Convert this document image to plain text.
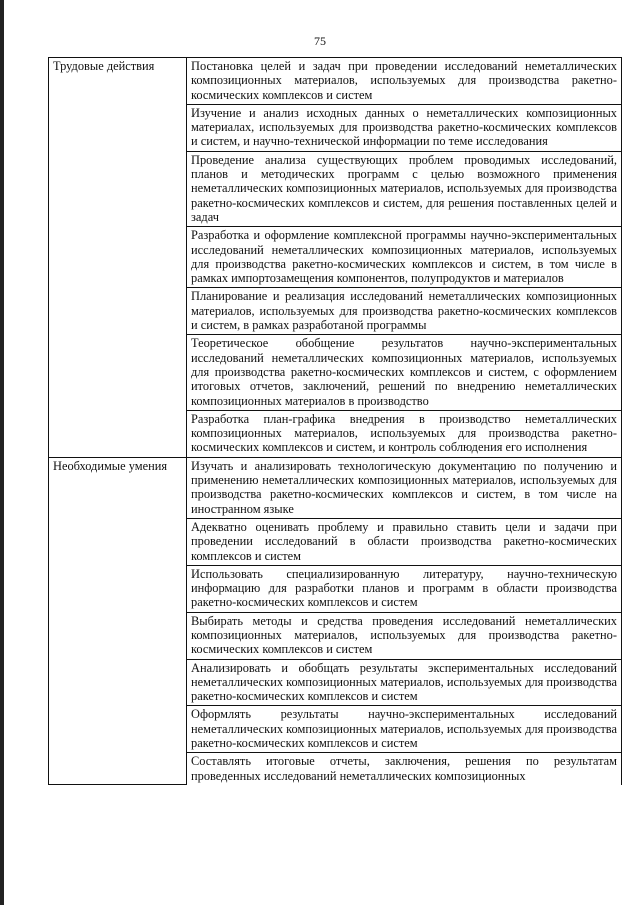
75
Трудовые действия	Постановка целей и задач при проведении исследований неметаллических композиционных материалов, используемых для производства ракетно-космических комплексов и систем
	Изучение и анализ исходных данных о неметаллических композиционных материалах, используемых для производства ракетно-космических комплексов и систем, и научно-технической информации по теме исследования
	Проведение анализа существующих проблем проводимых исследований, планов и методических программ с целью возможного применения неметаллических композиционных материалов, используемых для производства ракетно-космических комплексов и систем, для решения поставленных целей и задач
	Разработка и оформление комплексной программы научно-экспериментальных исследований неметаллических композиционных материалов, используемых для производства ракетно-космических комплексов и систем, в том числе в рамках импортозамещения компонентов, полупродуктов и материалов
	Планирование и реализация исследований неметаллических композиционных материалов, используемых для производства ракетно-космических комплексов и систем, в рамках разработаной программы
	Теоретическое обобщение результатов научно-экспериментальных исследований неметаллических композиционных материалов, используемых для производства ракетно-космических комплексов и систем, с оформлением итоговых отчетов, заключений, решений по внедрению неметаллических композиционных материалов в производство
	Разработка план-графика внедрения в производство неметаллических композиционных материалов, используемых для производства ракетно-космических комплексов и систем, и контроль соблюдения его исполнения
Необходимые умения	Изучать и анализировать технологическую документацию по получению и применению неметаллических композиционных материалов, используемых для производства ракетно-космических комплексов и систем, в том числе на иностранном языке
	Адекватно оценивать проблему и правильно ставить цели и задачи при проведении исследований в области производства ракетно-космических комплексов и систем
	Использовать специализированную литературу, научно-техническую информацию для разработки планов и программ в области производства ракетно-космических комплексов и систем
	Выбирать методы и средства проведения исследований неметаллических композиционных материалов, используемых для производства ракетно-космических комплексов и систем
	Анализировать и обобщать результаты экспериментальных исследований неметаллических композиционных материалов, используемых для производства ракетно-космических комплексов и систем
	Оформлять результаты научно-экспериментальных исследований неметаллических композиционных материалов, используемых для производства ракетно-космических комплексов и систем
	Составлять итоговые отчеты, заключения, решения по результатам проведенных исследований неметаллических композиционных
